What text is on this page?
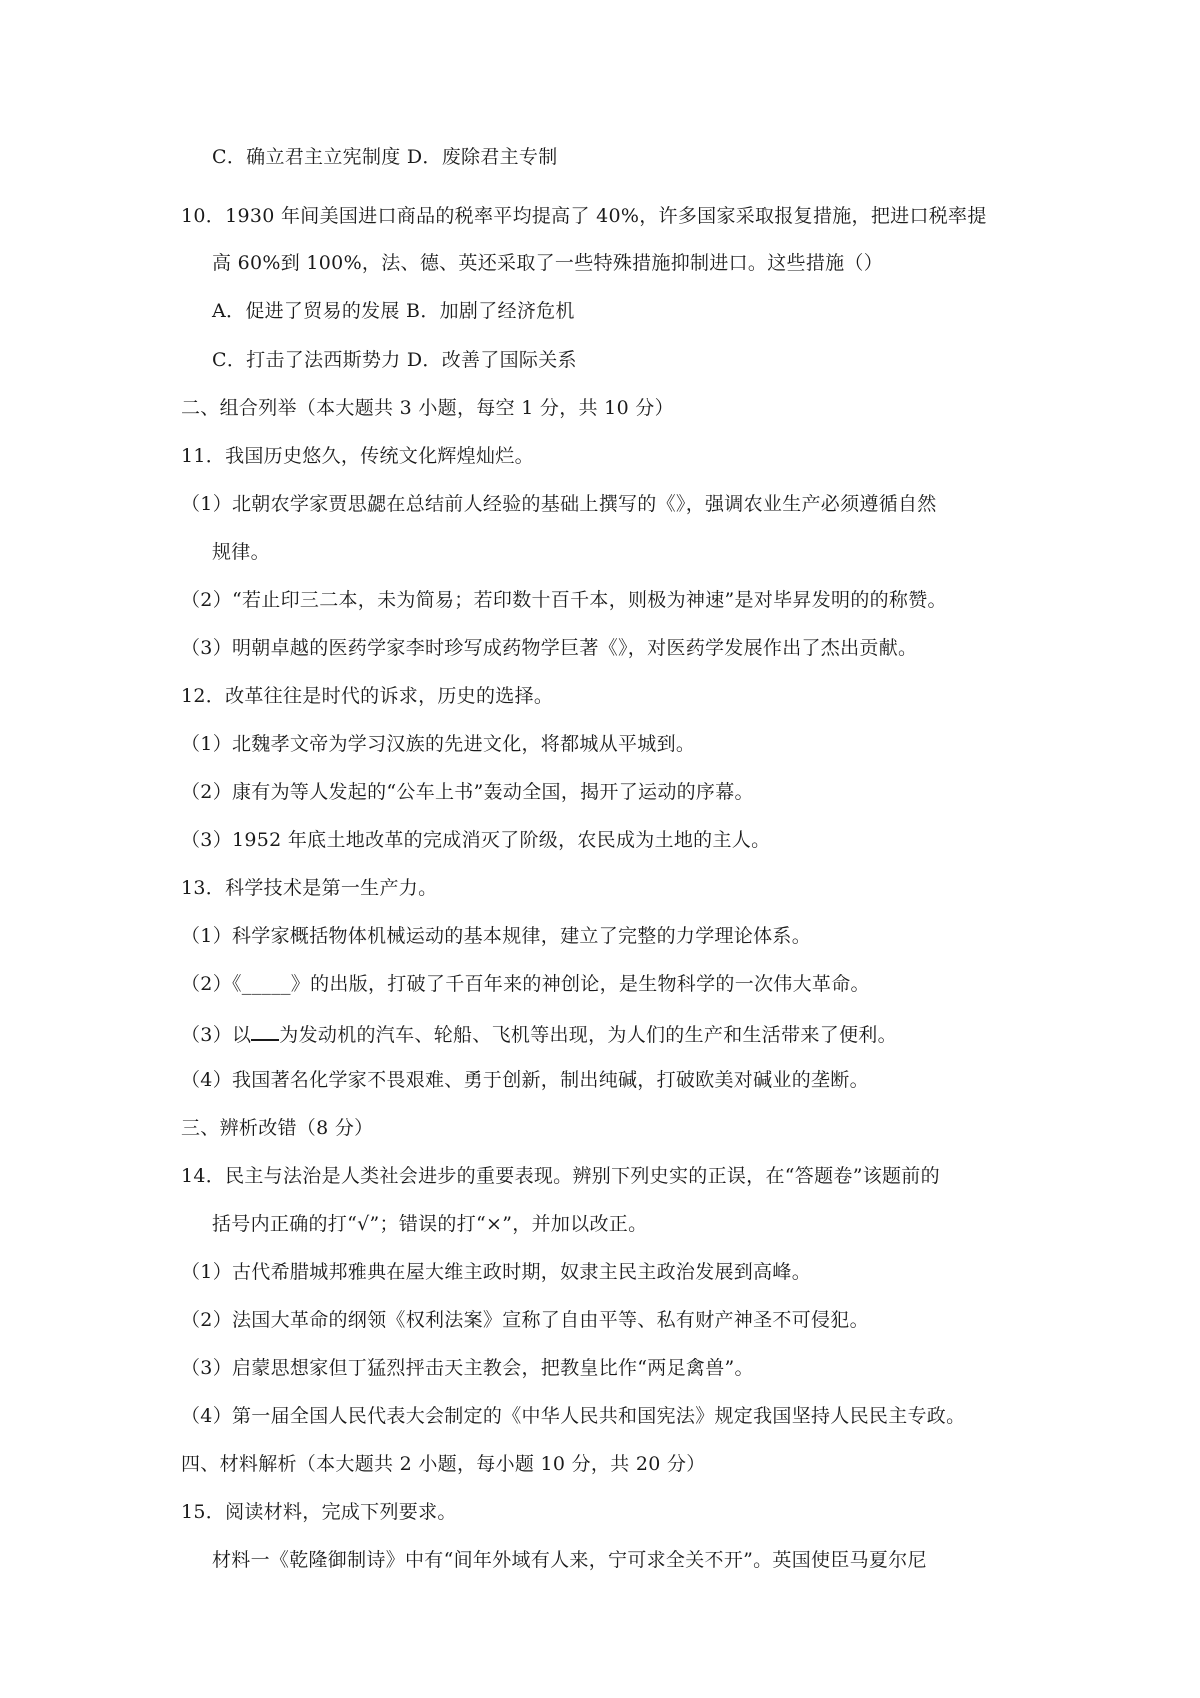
C．确立君主立宪制度 D．废除君主专制
10．1930 年间美国进口商品的税率平均提高了 40%，许多国家采取报复措施，把进口税率提
高 60%到 100%，法、德、英还采取了一些特殊措施抑制进口。这些措施（）
A．促进了贸易的发展 B．加剧了经济危机
C．打击了法西斯势力 D．改善了国际关系
二、组合列举（本大题共 3 小题，每空 1 分，共 10 分）
11．我国历史悠久，传统文化辉煌灿烂。
（1）北朝农学家贾思勰在总结前人经验的基础上撰写的《》，强调农业生产必须遵循自然
规律。
（2）“若止印三二本，未为简易；若印数十百千本，则极为神速”是对毕昇发明的的称赞。
（3）明朝卓越的医药学家李时珍写成药物学巨著《》，对医药学发展作出了杰出贡献。
12．改革往往是时代的诉求，历史的选择。
（1）北魏孝文帝为学习汉族的先进文化，将都城从平城到。
（2）康有为等人发起的“公车上书”轰动全国，揭开了运动的序幕。
（3）1952 年底土地改革的完成消灭了阶级，农民成为土地的主人。
13．科学技术是第一生产力。
（1）科学家概括物体机械运动的基本规律，建立了完整的力学理论体系。
（2）《_____》的出版，打破了千百年来的神创论，是生物科学的一次伟大革命。
（3）以 为发动机的汽车、轮船、飞机等出现，为人们的生产和生活带来了便利。
（4）我国著名化学家不畏艰难、勇于创新，制出纯碱，打破欧美对碱业的垄断。
三、辨析改错（8 分）
14．民主与法治是人类社会进步的重要表现。辨别下列史实的正误，在“答题卷”该题前的
括号内正确的打“√”；错误的打“×”，并加以改正。
（1）古代希腊城邦雅典在屋大维主政时期，奴隶主民主政治发展到高峰。
（2）法国大革命的纲领《权利法案》宣称了自由平等、私有财产神圣不可侵犯。
（3）启蒙思想家但丁猛烈抨击天主教会，把教皇比作“两足禽兽”。
（4）第一届全国人民代表大会制定的《中华人民共和国宪法》规定我国坚持人民民主专政。
四、材料解析（本大题共 2 小题，每小题 10 分，共 20 分）
15．阅读材料，完成下列要求。
材料一《乾隆御制诗》中有“间年外域有人来，宁可求全关不开”。英国使臣马夏尔尼
